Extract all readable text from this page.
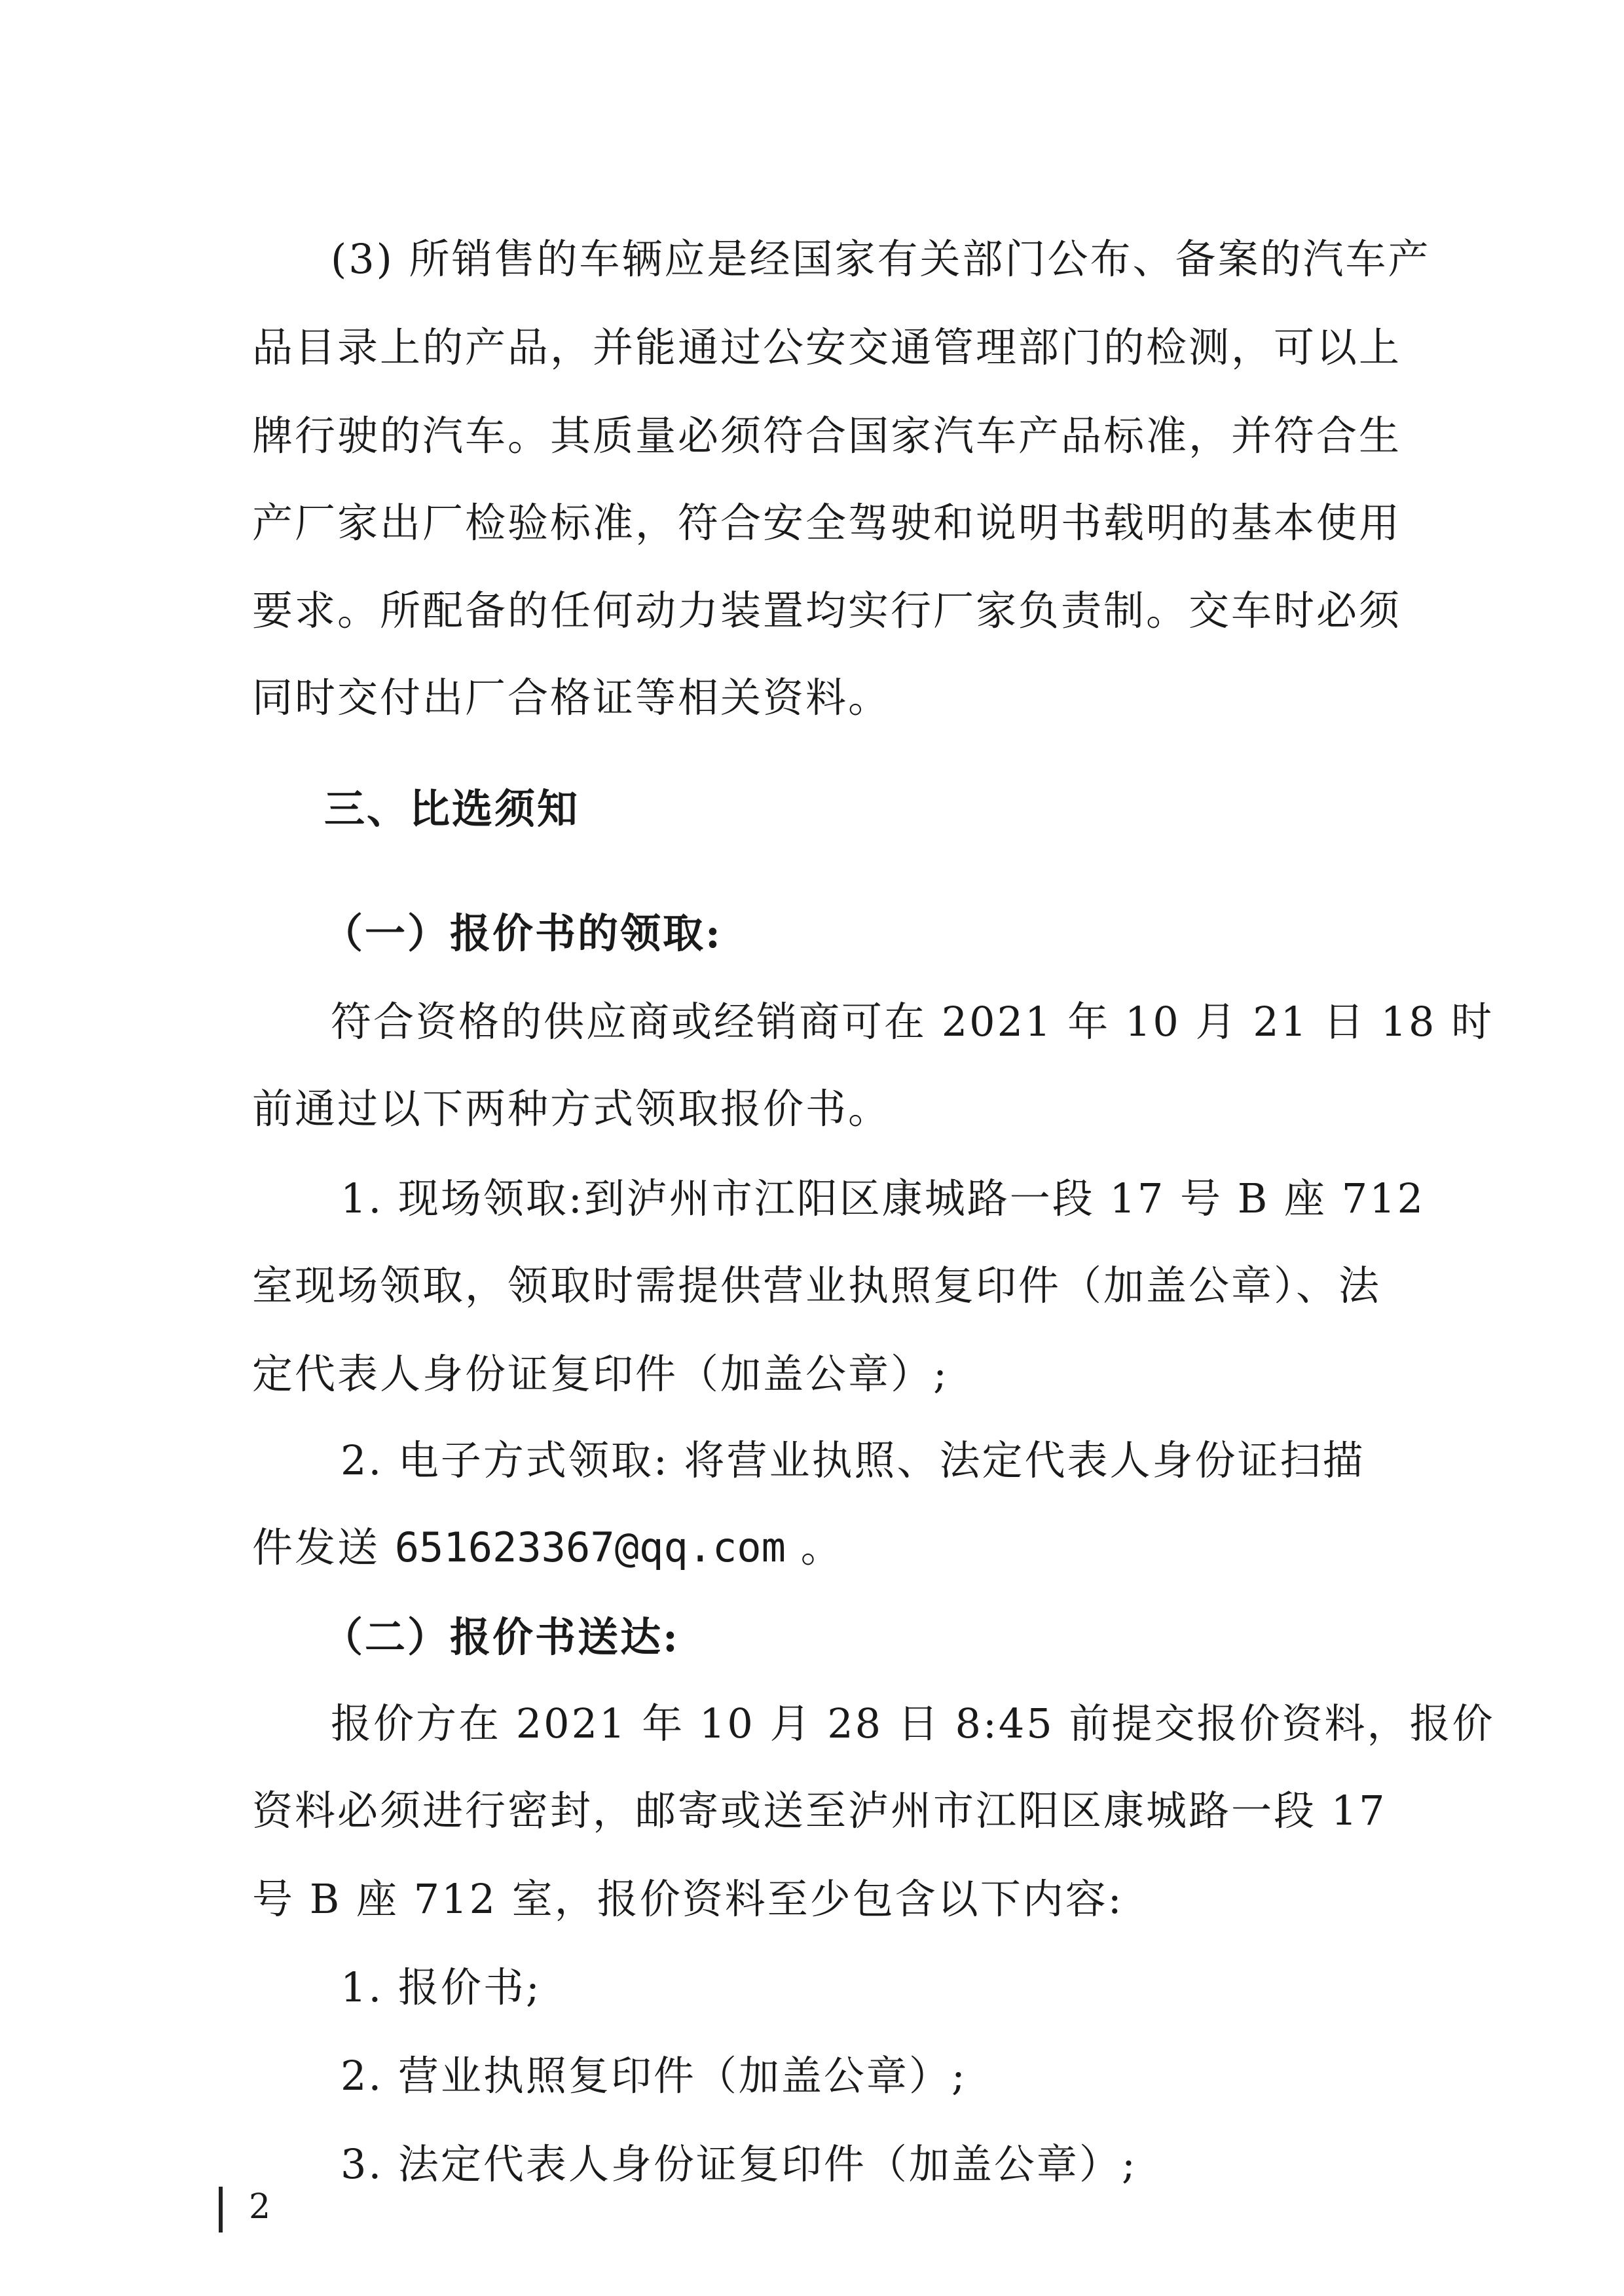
(3) 所销售的车辆应是经国家有关部门公布、备案的汽车产
品目录上的产品，并能通过公安交通管理部门的检测，可以上
牌行驶的汽车。其质量必须符合国家汽车产品标准，并符合生
产厂家出厂检验标准，符合安全驾驶和说明书载明的基本使用
要求。所配备的任何动力装置均实行厂家负责制。交车时必须
同时交付出厂合格证等相关资料。
三、比选须知
（一）报价书的领取:
符合资格的供应商或经销商可在 2021 年 10 月 21 日 18 时
前通过以下两种方式领取报价书。
1. 现场领取:到泸州市江阳区康城路一段 17 号 B 座 712
室现场领取，领取时需提供营业执照复印件（加盖公章）、法
定代表人身份证复印件（加盖公章）;
2. 电子方式领取: 将营业执照、法定代表人身份证扫描
件发送 651623367@qq.com 。
（二）报价书送达:
报价方在 2021 年 10 月 28 日 8:45 前提交报价资料，报价
资料必须进行密封，邮寄或送至泸州市江阳区康城路一段 17
号 B 座 712 室，报价资料至少包含以下内容:
1. 报价书;
2. 营业执照复印件（加盖公章）;
3. 法定代表人身份证复印件（加盖公章）;
2
